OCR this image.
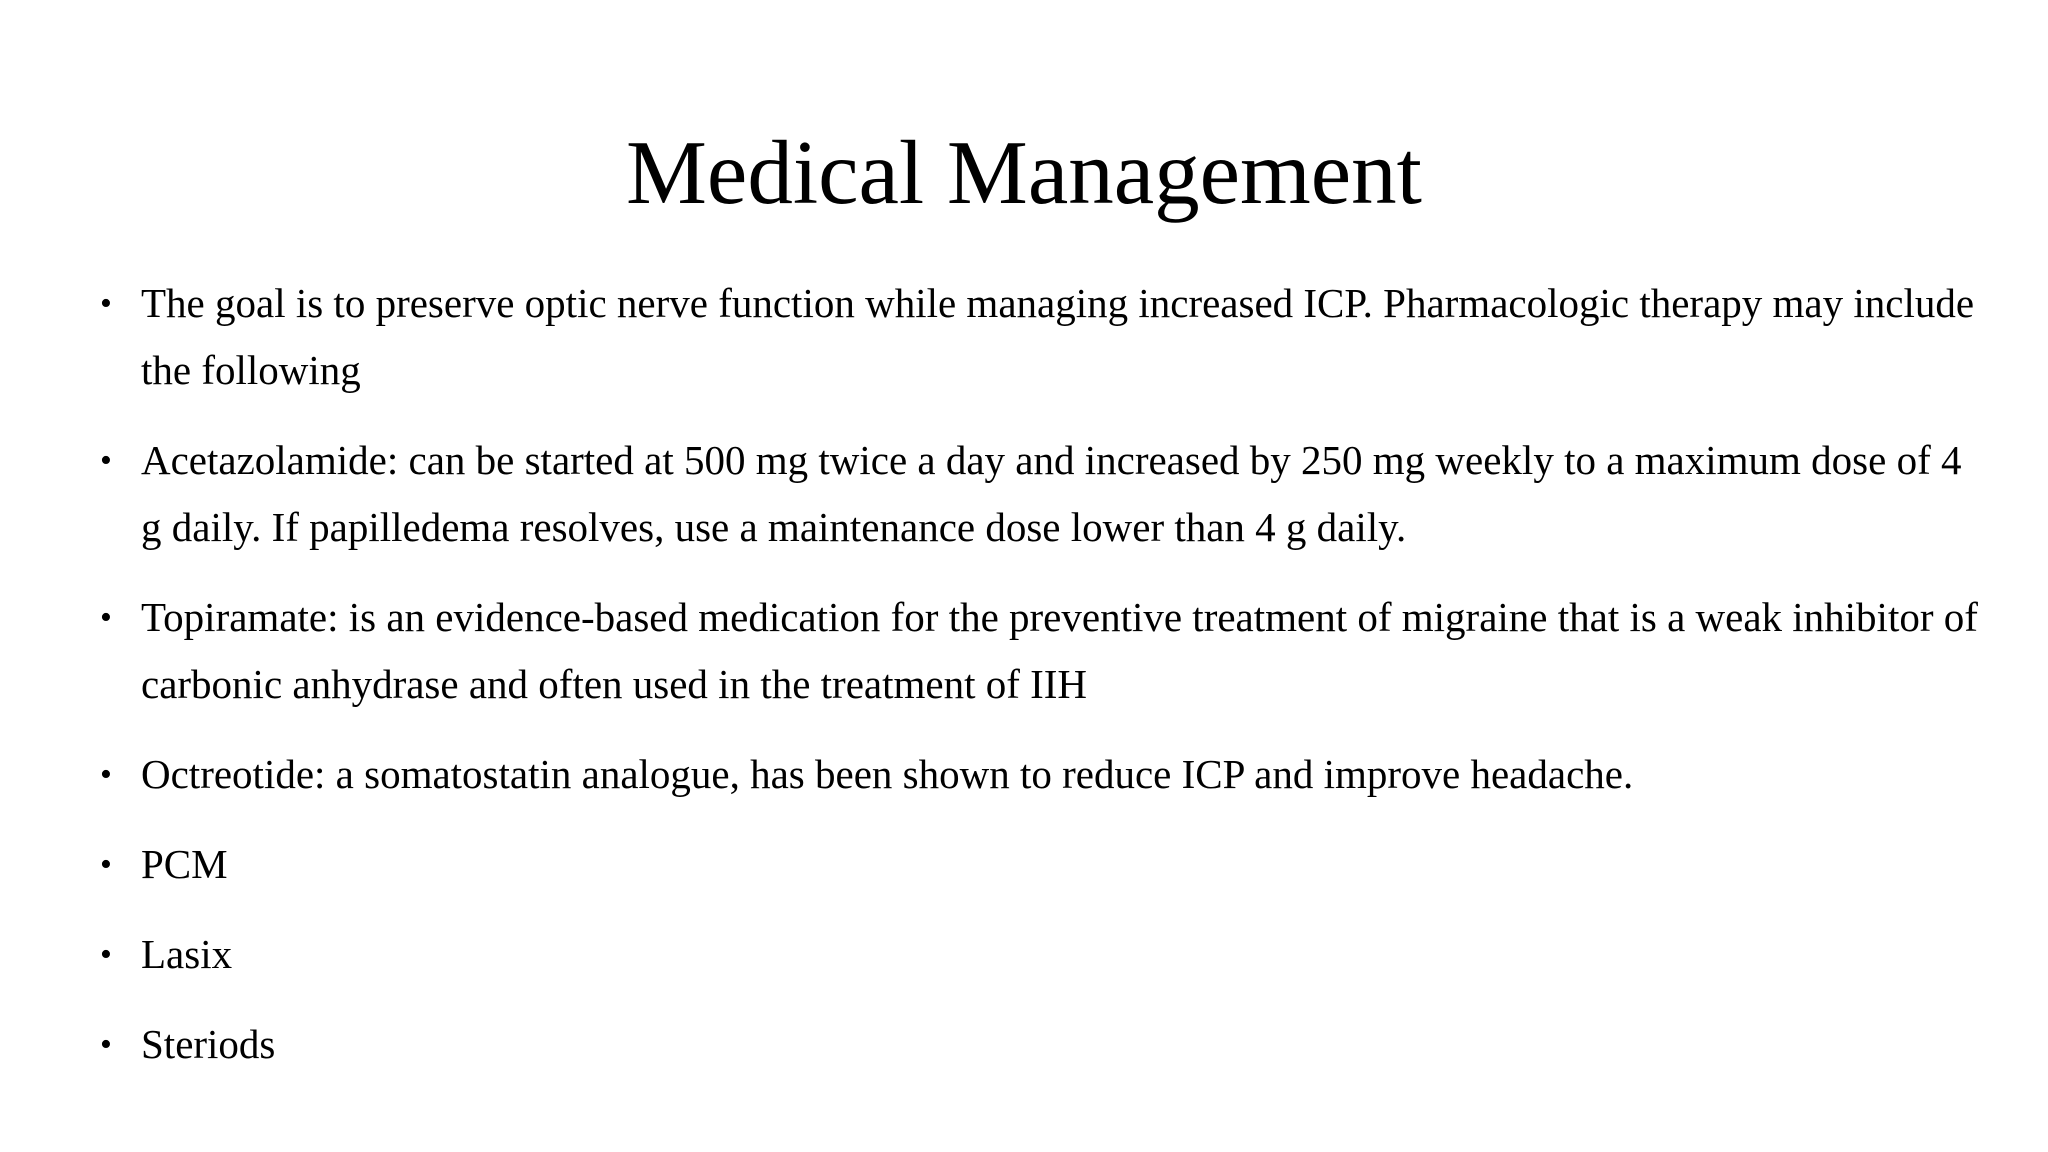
Medical Management
• The goal is to preserve optic nerve function while managing increased ICP. Pharmacologic therapy may include the following
• Acetazolamide: can be started at 500 mg twice a day and increased by 250 mg weekly to a maximum dose of 4 g daily. If papilledema resolves, use a maintenance dose lower than 4 g daily.
• Topiramate: is an evidence-based medication for the preventive treatment of migraine that is a weak inhibitor of carbonic anhydrase and often used in the treatment of IIH
• Octreotide: a somatostatin analogue, has been shown to reduce ICP and improve headache.
• PCM
• Lasix
• Steriods
